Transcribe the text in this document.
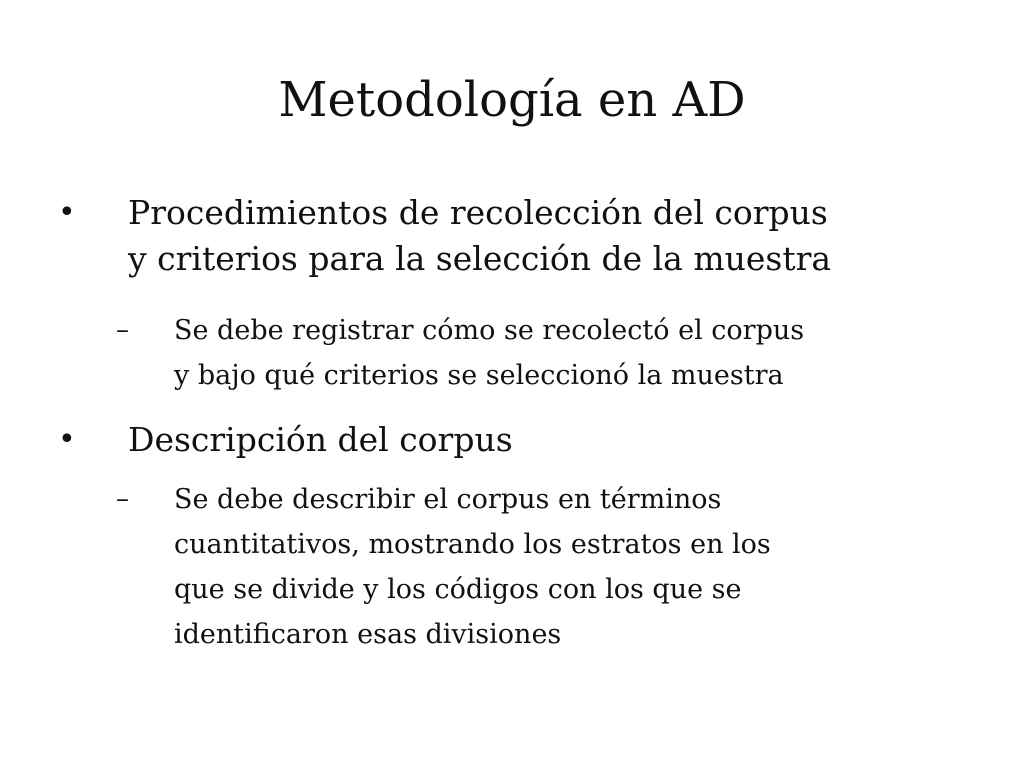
Metodología en AD
• Procedimientos de recolección del corpus
y criterios para la selección de la muestra
– Se debe registrar cómo se recolectó el corpus
y bajo qué criterios se seleccionó la muestra
• Descripción del corpus
– Se debe describir el corpus en términos
cuantitativos, mostrando los estratos en los
que se divide y los códigos con los que se
identificaron esas divisiones
